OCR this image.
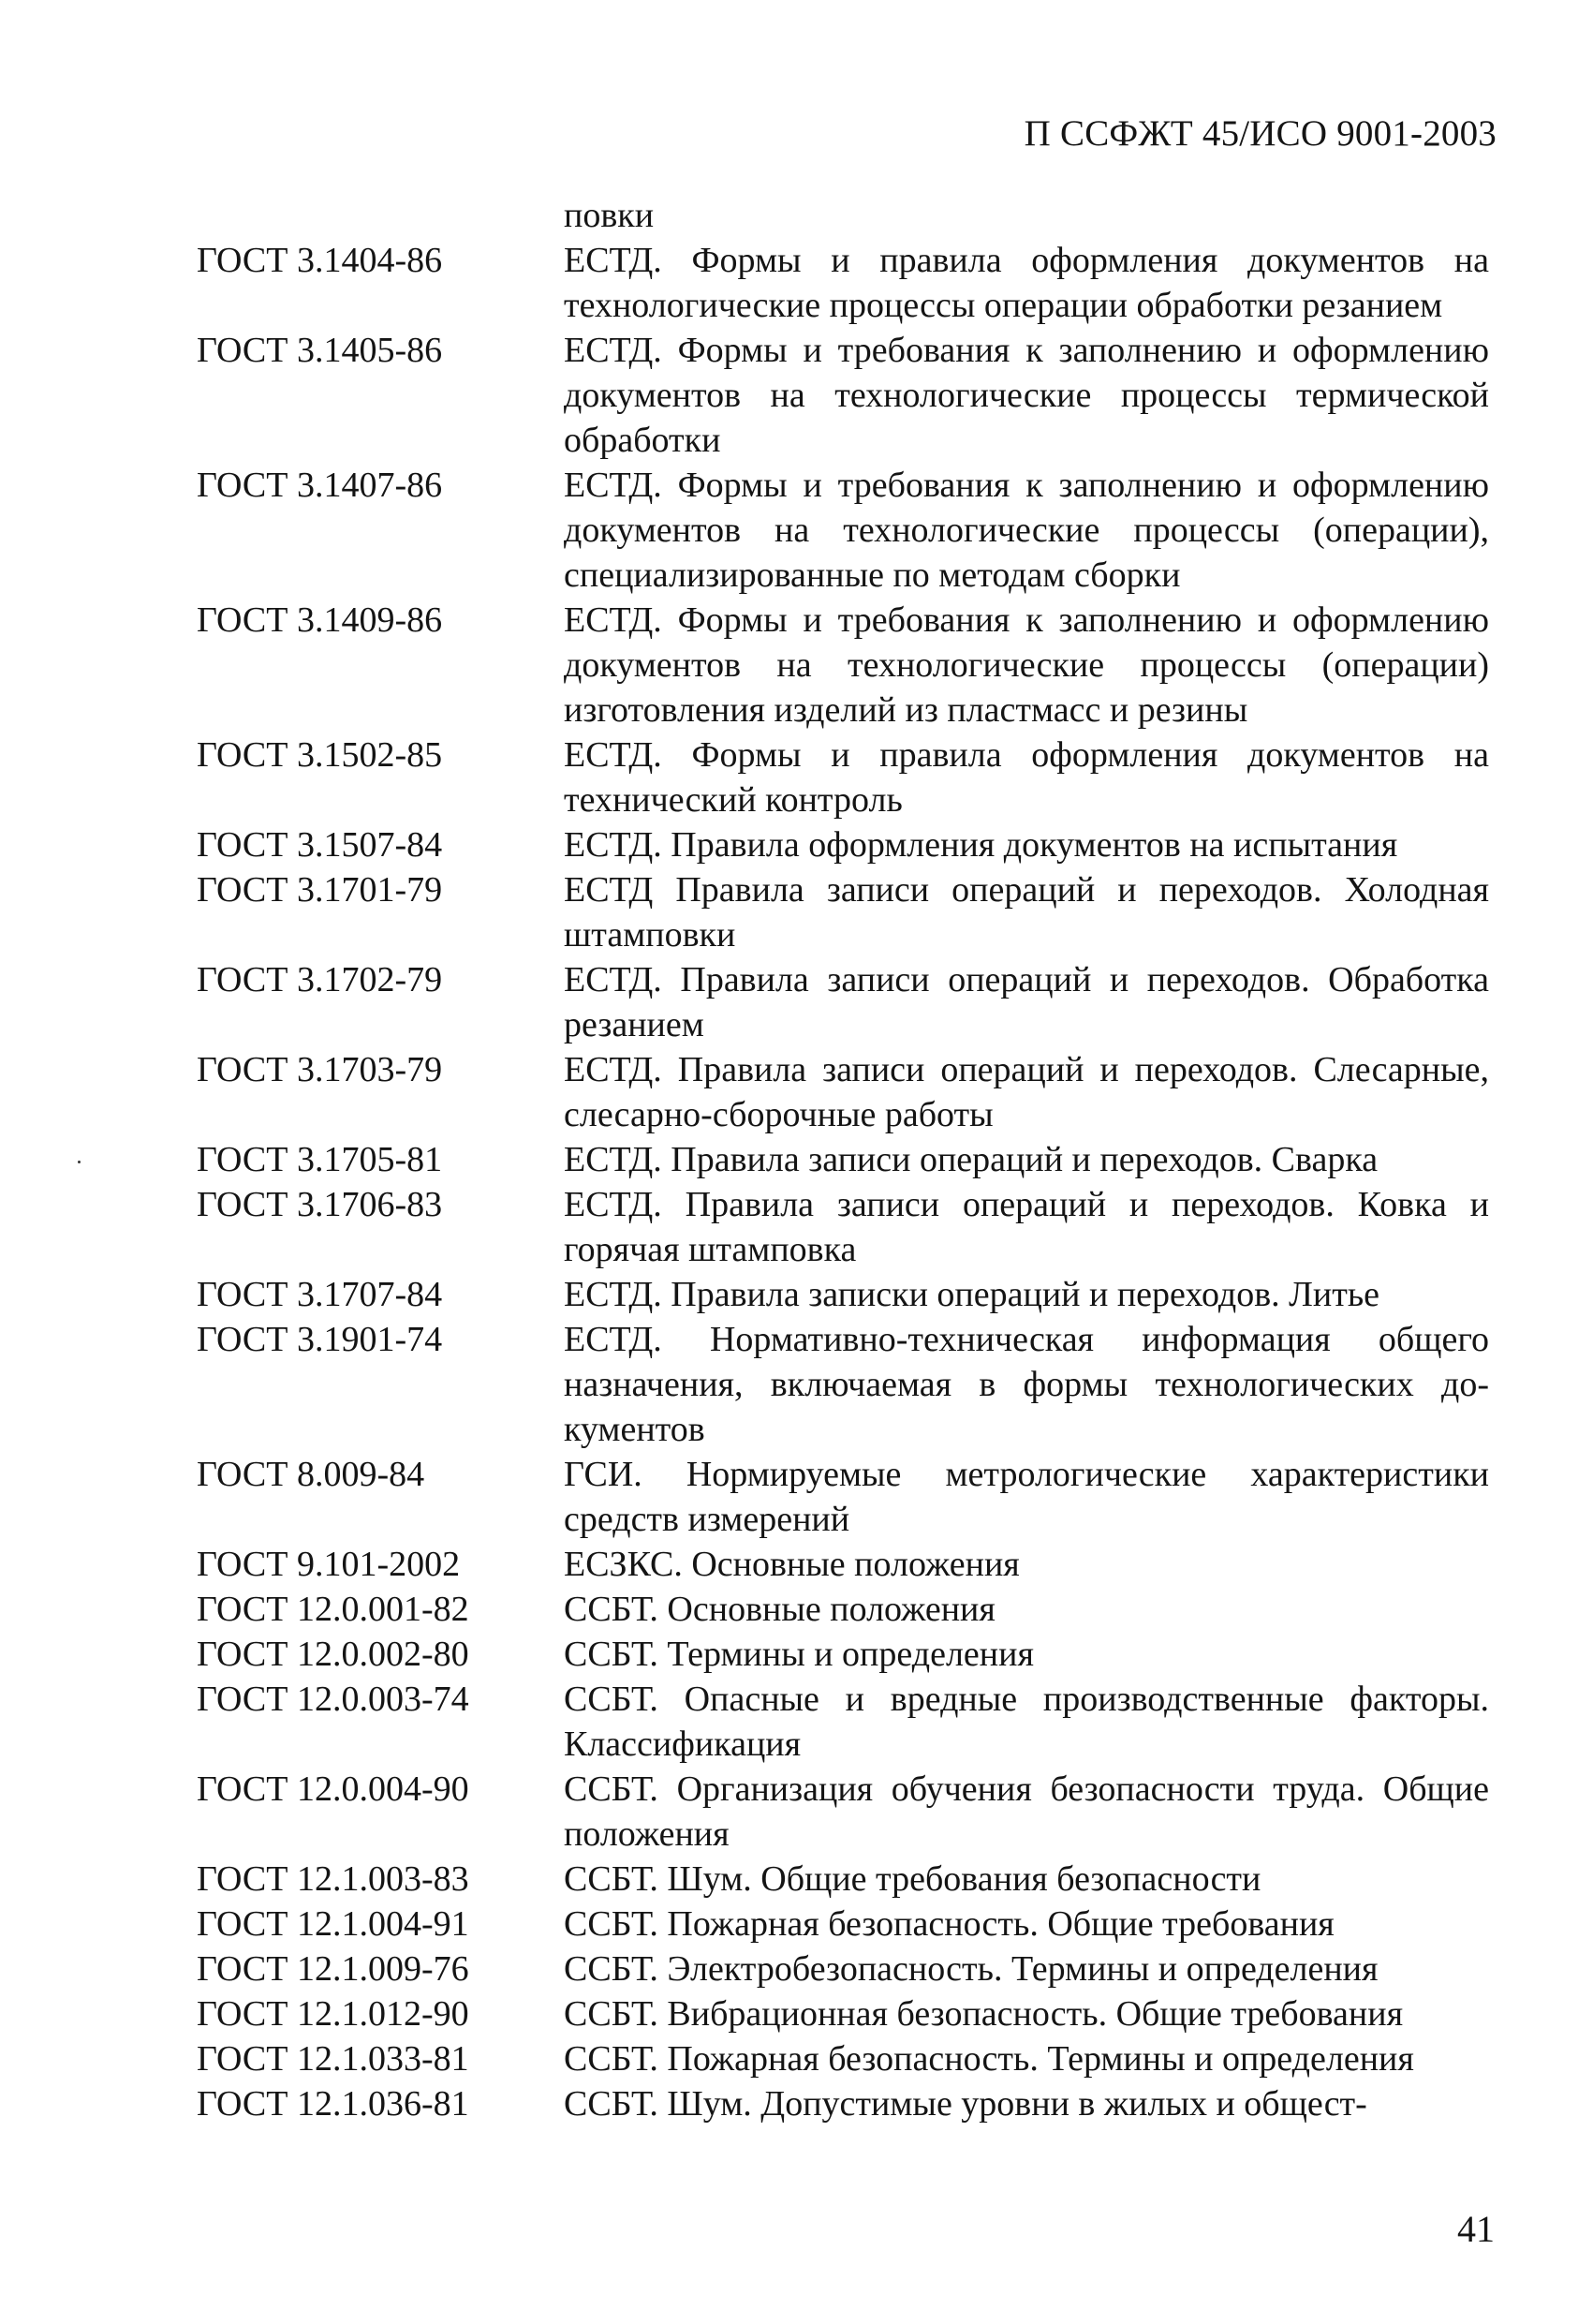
П ССФЖТ 45/ИСО 9001-2003
повки
ГОСТ 3.1404-86	ЕСТД. Формы и правила оформления документов на технологические процессы операции обработки резанием
ГОСТ 3.1405-86	ЕСТД. Формы и требования к заполнению и оформлению документов на технологические процессы термической обработки
ГОСТ 3.1407-86	ЕСТД. Формы и требования к заполнению и оформлению документов на технологические процессы (операции), специализированные по методам сборки
ГОСТ 3.1409-86	ЕСТД. Формы и требования к заполнению и оформлению документов на технологические процессы (операции) изготовления изделий из пластмасс и резины
ГОСТ 3.1502-85	ЕСТД. Формы и правила оформления документов на технический контроль
ГОСТ 3.1507-84	ЕСТД. Правила оформления документов на испытания
ГОСТ 3.1701-79	ЕСТД Правила записи операций и переходов. Холодная штамповки
ГОСТ 3.1702-79	ЕСТД. Правила записи операций и переходов. Обработка резанием
ГОСТ 3.1703-79	ЕСТД. Правила записи операций и переходов. Слесарные, слесарно-сборочные работы
ГОСТ 3.1705-81	ЕСТД. Правила записи операций и переходов. Сварка
ГОСТ 3.1706-83	ЕСТД. Правила записи операций и переходов. Ковка и горячая штамповка
ГОСТ 3.1707-84	ЕСТД. Правила записки операций и переходов. Литье
ГОСТ 3.1901-74	ЕСТД. Нормативно-техническая информация общего назначения, включаемая в формы технологических документов
ГОСТ 8.009-84	ГСИ. Нормируемые метрологические характеристики средств измерений
ГОСТ 9.101-2002	ЕСЗКС. Основные положения
ГОСТ 12.0.001-82	ССБТ. Основные положения
ГОСТ 12.0.002-80	ССБТ. Термины и определения
ГОСТ 12.0.003-74	ССБТ. Опасные и вредные производственные факторы. Классификация
ГОСТ 12.0.004-90	ССБТ. Организация обучения безопасности труда. Общие положения
ГОСТ 12.1.003-83	ССБТ. Шум. Общие требования безопасности
ГОСТ 12.1.004-91	ССБТ. Пожарная безопасность. Общие требования
ГОСТ 12.1.009-76	ССБТ. Электробезопасность. Термины и определения
ГОСТ 12.1.012-90	ССБТ. Вибрационная безопасность. Общие требования
ГОСТ 12.1.033-81	ССБТ. Пожарная безопасность. Термины и определения
ГОСТ 12.1.036-81	ССБТ. Шум. Допустимые уровни в жилых и общест-
41
